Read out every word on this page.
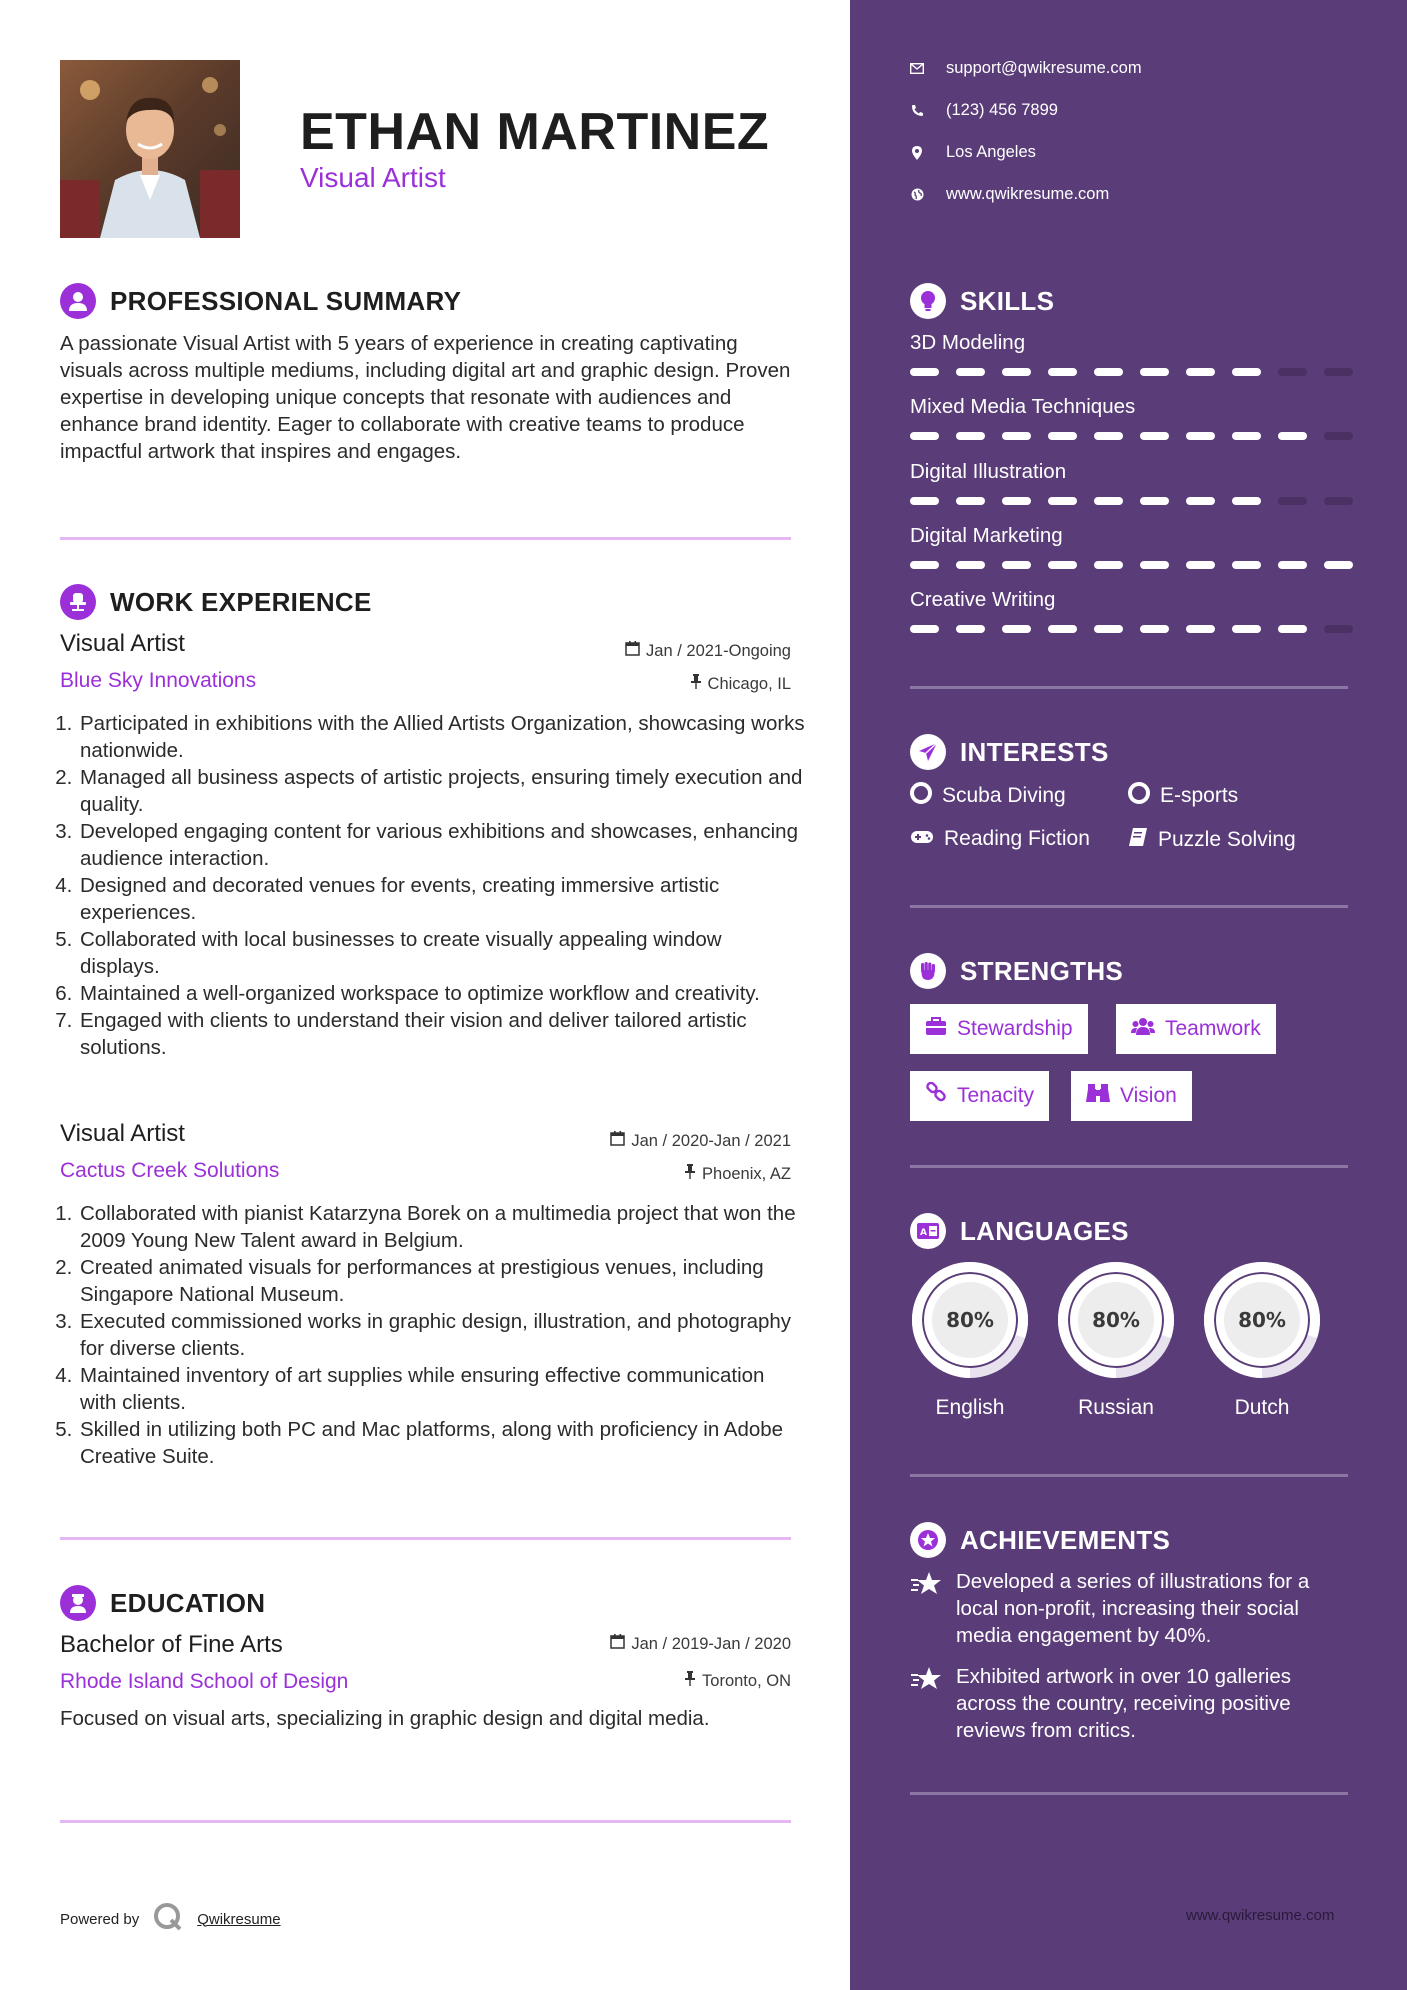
ETHAN MARTINEZ
Visual Artist
PROFESSIONAL SUMMARY
A passionate Visual Artist with 5 years of experience in creating captivating visuals across multiple mediums, including digital art and graphic design. Proven expertise in developing unique concepts that resonate with audiences and enhance brand identity. Eager to collaborate with creative teams to produce impactful artwork that inspires and engages.
WORK EXPERIENCE
Visual Artist	Jan / 2021-Ongoing
Blue Sky Innovations	Chicago, IL
1. Participated in exhibitions with the Allied Artists Organization, showcasing works nationwide.
2. Managed all business aspects of artistic projects, ensuring timely execution and quality.
3. Developed engaging content for various exhibitions and showcases, enhancing audience interaction.
4. Designed and decorated venues for events, creating immersive artistic experiences.
5. Collaborated with local businesses to create visually appealing window displays.
6. Maintained a well-organized workspace to optimize workflow and creativity.
7. Engaged with clients to understand their vision and deliver tailored artistic solutions.
Visual Artist	Jan / 2020-Jan / 2021
Cactus Creek Solutions	Phoenix, AZ
1. Collaborated with pianist Katarzyna Borek on a multimedia project that won the 2009 Young New Talent award in Belgium.
2. Created animated visuals for performances at prestigious venues, including Singapore National Museum.
3. Executed commissioned works in graphic design, illustration, and photography for diverse clients.
4. Maintained inventory of art supplies while ensuring effective communication with clients.
5. Skilled in utilizing both PC and Mac platforms, along with proficiency in Adobe Creative Suite.
EDUCATION
Bachelor of Fine Arts	Jan / 2019-Jan / 2020
Rhode Island School of Design	Toronto, ON
Focused on visual arts, specializing in graphic design and digital media.
Powered by	Qwikresume
support@qwikresume.com
(123) 456 7899
Los Angeles
www.qwikresume.com
SKILLS
3D Modeling
Mixed Media Techniques
Digital Illustration
Digital Marketing
Creative Writing
INTERESTS
Scuba Diving	E-sports
Reading Fiction	Puzzle Solving
STRENGTHS
Stewardship	Teamwork
Tenacity	Vision
A LANGUAGES
80%	80%	80%
English	Russian	Dutch
ACHIEVEMENTS
Developed a series of illustrations for a local non-profit, increasing their social media engagement by 40%.
Exhibited artwork in over 10 galleries across the country, receiving positive reviews from critics.
www.qwikresume.com
